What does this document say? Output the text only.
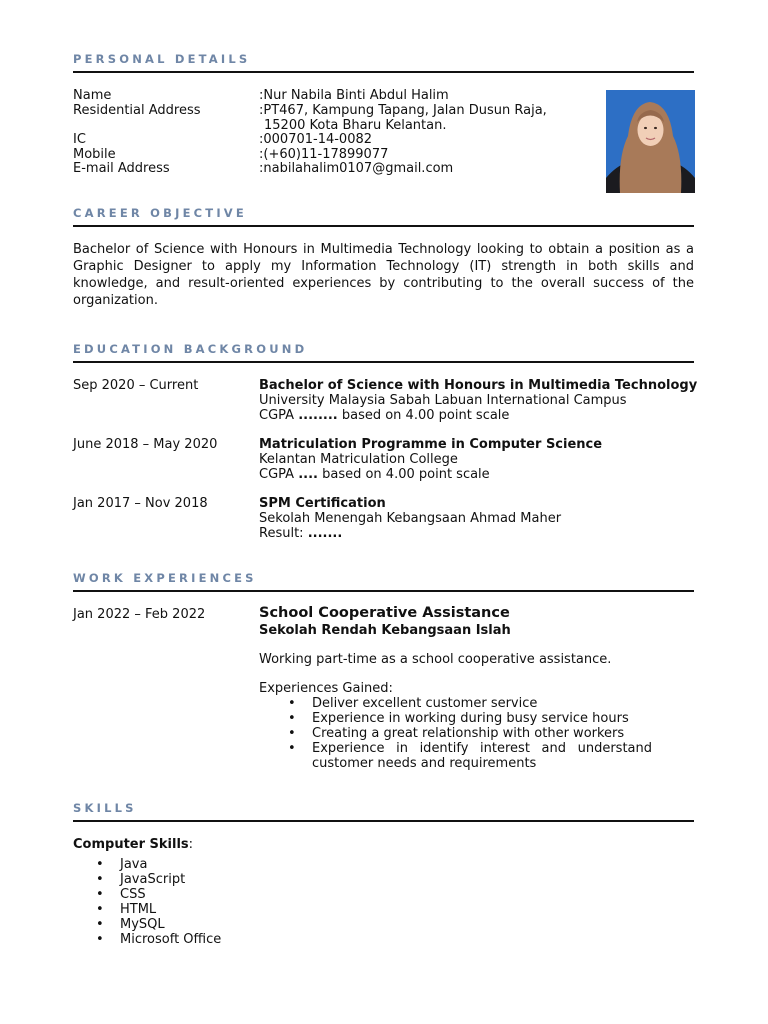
PERSONAL DETAILS
Name	:Nur Nabila Binti Abdul Halim
Residential Address	:PT467, Kampung Tapang, Jalan Dusun Raja,
15200 Kota Bharu Kelantan.
IC	:000701-14-0082
Mobile	:(+60)11-17899077
E-mail Address	:nabilahalim0107@gmail.com
CAREER OBJECTIVE
Bachelor of Science with Honours in Multimedia Technology looking to obtain a position as a Graphic Designer to apply my Information Technology (IT) strength in both skills and knowledge, and result-oriented experiences by contributing to the overall success of the organization.
EDUCATION BACKGROUND
Sep 2020 – Current	Bachelor of Science with Honours in Multimedia Technology
University Malaysia Sabah Labuan International Campus
CGPA ........ based on 4.00 point scale
June 2018 – May 2020	Matriculation Programme in Computer Science
Kelantan Matriculation College
CGPA .... based on 4.00 point scale
Jan 2017 – Nov 2018	SPM Certification
Sekolah Menengah Kebangsaan Ahmad Maher
Result: .......
WORK EXPERIENCES
Jan 2022 – Feb 2022	School Cooperative Assistance
Sekolah Rendah Kebangsaan Islah
Working part-time as a school cooperative assistance.
Experiences Gained:
• Deliver excellent customer service
• Experience in working during busy service hours
• Creating a great relationship with other workers
• Experience in identify interest and understand
customer needs and requirements
SKILLS
Computer Skills:
• Java
• JavaScript
• CSS
• HTML
• MySQL
• Microsoft Office
